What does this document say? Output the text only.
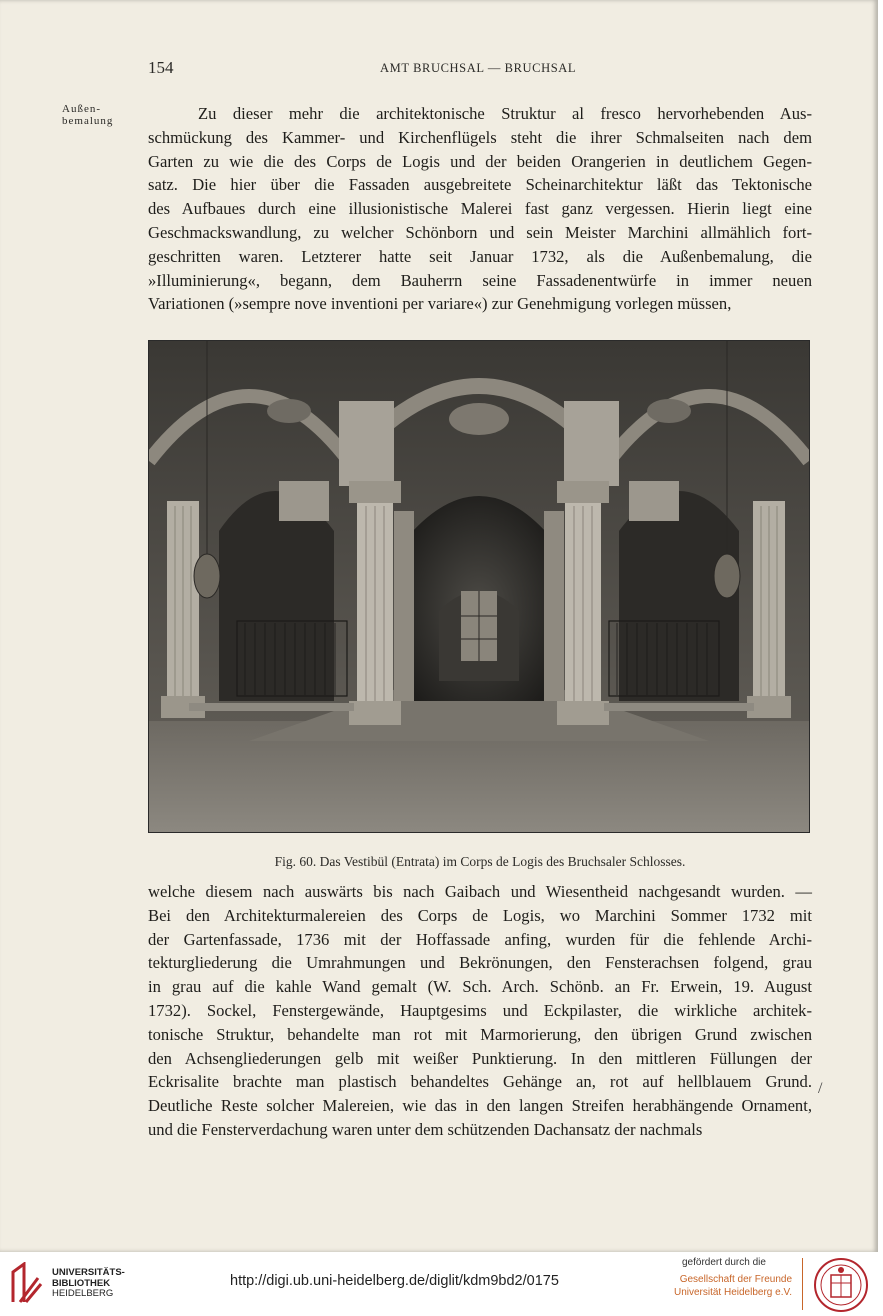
154	AMT BRUCHSAL — BRUCHSAL
Außen-
bemalung	Zu dieser mehr die architektonische Struktur al fresco hervorhebenden Aus-
schmückung des Kammer- und Kirchenflügels steht die ihrer Schmalseiten nach dem
Garten zu wie die des Corps de Logis und der beiden Orangerien in deutlichem Gegen-
satz. Die hier über die Fassaden ausgebreitete Scheinarchitektur läßt das Tektonische
des Aufbaues durch eine illusionistische Malerei fast ganz vergessen. Hierin liegt eine
Geschmackswandlung, zu welcher Schönborn und sein Meister Marchini allmählich fort-
geschritten waren. Letzterer hatte seit Januar 1732, als die Außenbemalung, die
»Illuminierung«, begann, dem Bauherrn seine Fassadenentwürfe in immer neuen
Variationen (»sempre nove inventioni per variare«) zur Genehmigung vorlegen müssen,
Fig. 60. Das Vestibül (Entrata) im Corps de Logis des Bruchsaler Schlosses.
welche diesem nach auswärts bis nach Gaibach und Wiesentheid nachgesandt wurden. —
Bei den Architekturmalereien des Corps de Logis, wo Marchini Sommer 1732 mit
der Gartenfassade, 1736 mit der Hoffassade anfing, wurden für die fehlende Archi-
tekturgliederung die Umrahmungen und Bekrönungen, den Fensterachsen folgend, grau
in grau auf die kahle Wand gemalt (W. Sch. Arch. Schönb. an Fr. Erwein, 19. August
1732). Sockel, Fenstergewände, Hauptgesims und Eckpilaster, die wirkliche architek-
tonische Struktur, behandelte man rot mit Marmorierung, den übrigen Grund zwischen
den Achsengliederungen gelb mit weißer Punktierung. In den mittleren Füllungen der
Eckrisalite brachte man plastisch behandeltes Gehänge an, rot auf hellblauem Grund.
Deutliche Reste solcher Malereien, wie das in den langen Streifen herabhängende Ornament,
und die Fensterverdachung waren unter dem schützenden Dachansatz der nachmals
/
UNIVERSITÄTS-
BIBLIOTHEK
HEIDELBERG
http://digi.ub.uni-heidelberg.de/diglit/kdm9bd2/0175
gefördert durch die
Gesellschaft der Freunde
Universität Heidelberg e.V.
